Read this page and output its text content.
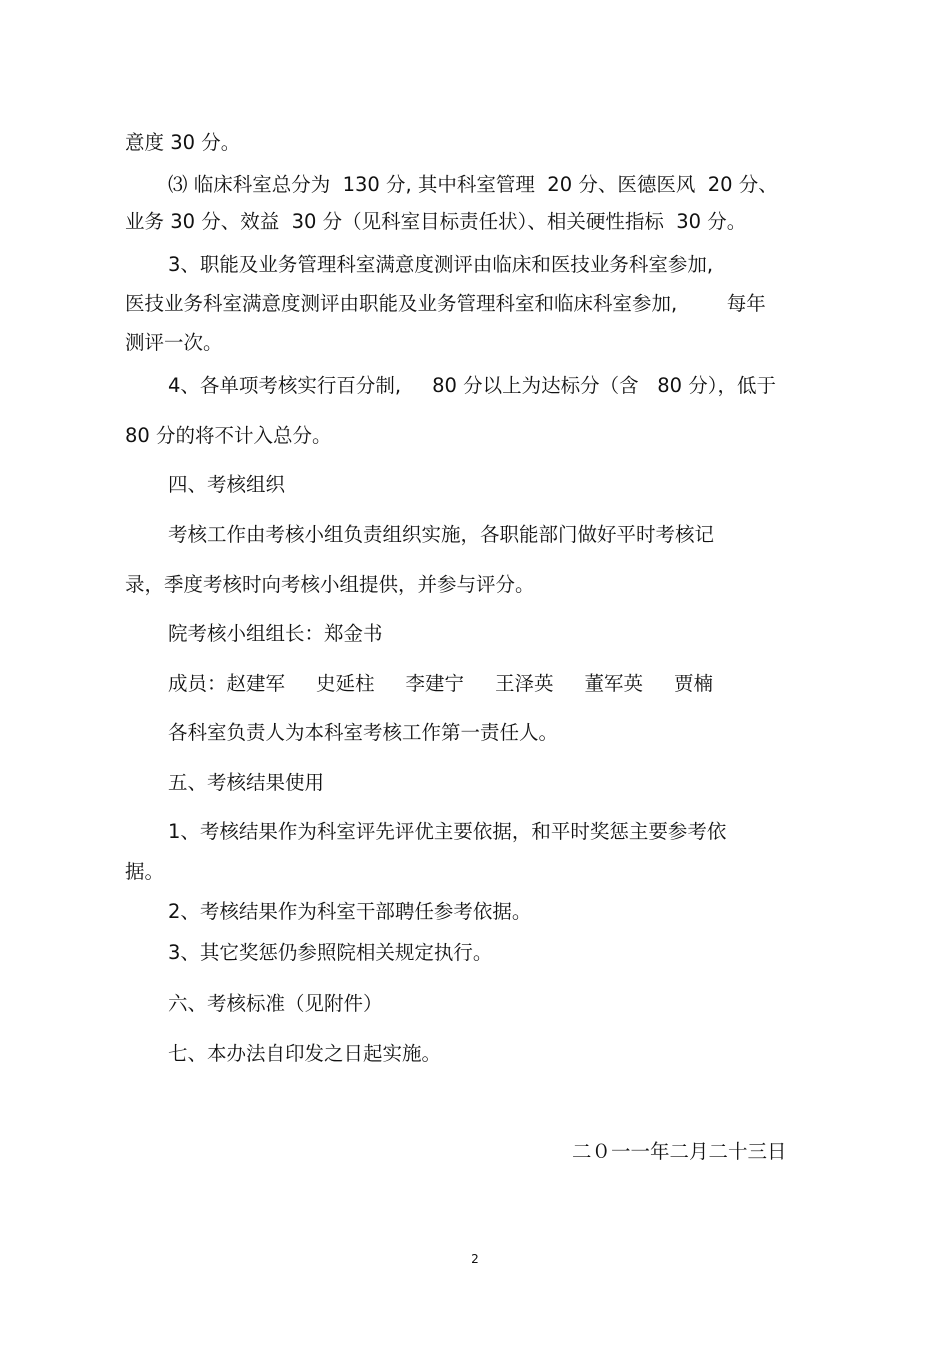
意度 30 分。
⑶ 临床科室总分为  130 分, 其中科室管理  20 分、医德医风  20 分、
业务 30 分、效益  30 分（见科室目标责任状）、相关硬性指标  30 分。
3、职能及业务管理科室满意度测评由临床和医技业务科室参加,
医技业务科室满意度测评由职能及业务管理科室和临床科室参加,        每年
测评一次。
4、各单项考核实行百分制,     80 分以上为达标分（含   80 分），低于
80 分的将不计入总分。
四、考核组织
考核工作由考核小组负责组织实施，各职能部门做好平时考核记
录，季度考核时向考核小组提供，并参与评分。
院考核小组组长：郑金书
成员：赵建军     史延柱     李建宁     王泽英     董军英     贾楠
各科室负责人为本科室考核工作第一责任人。
五、考核结果使用
1、考核结果作为科室评先评优主要依据，和平时奖惩主要参考依
据。
2、考核结果作为科室干部聘任参考依据。
3、其它奖惩仍参照院相关规定执行。
六、考核标准（见附件）
七、本办法自印发之日起实施。
二０一一年二月二十三日
2
